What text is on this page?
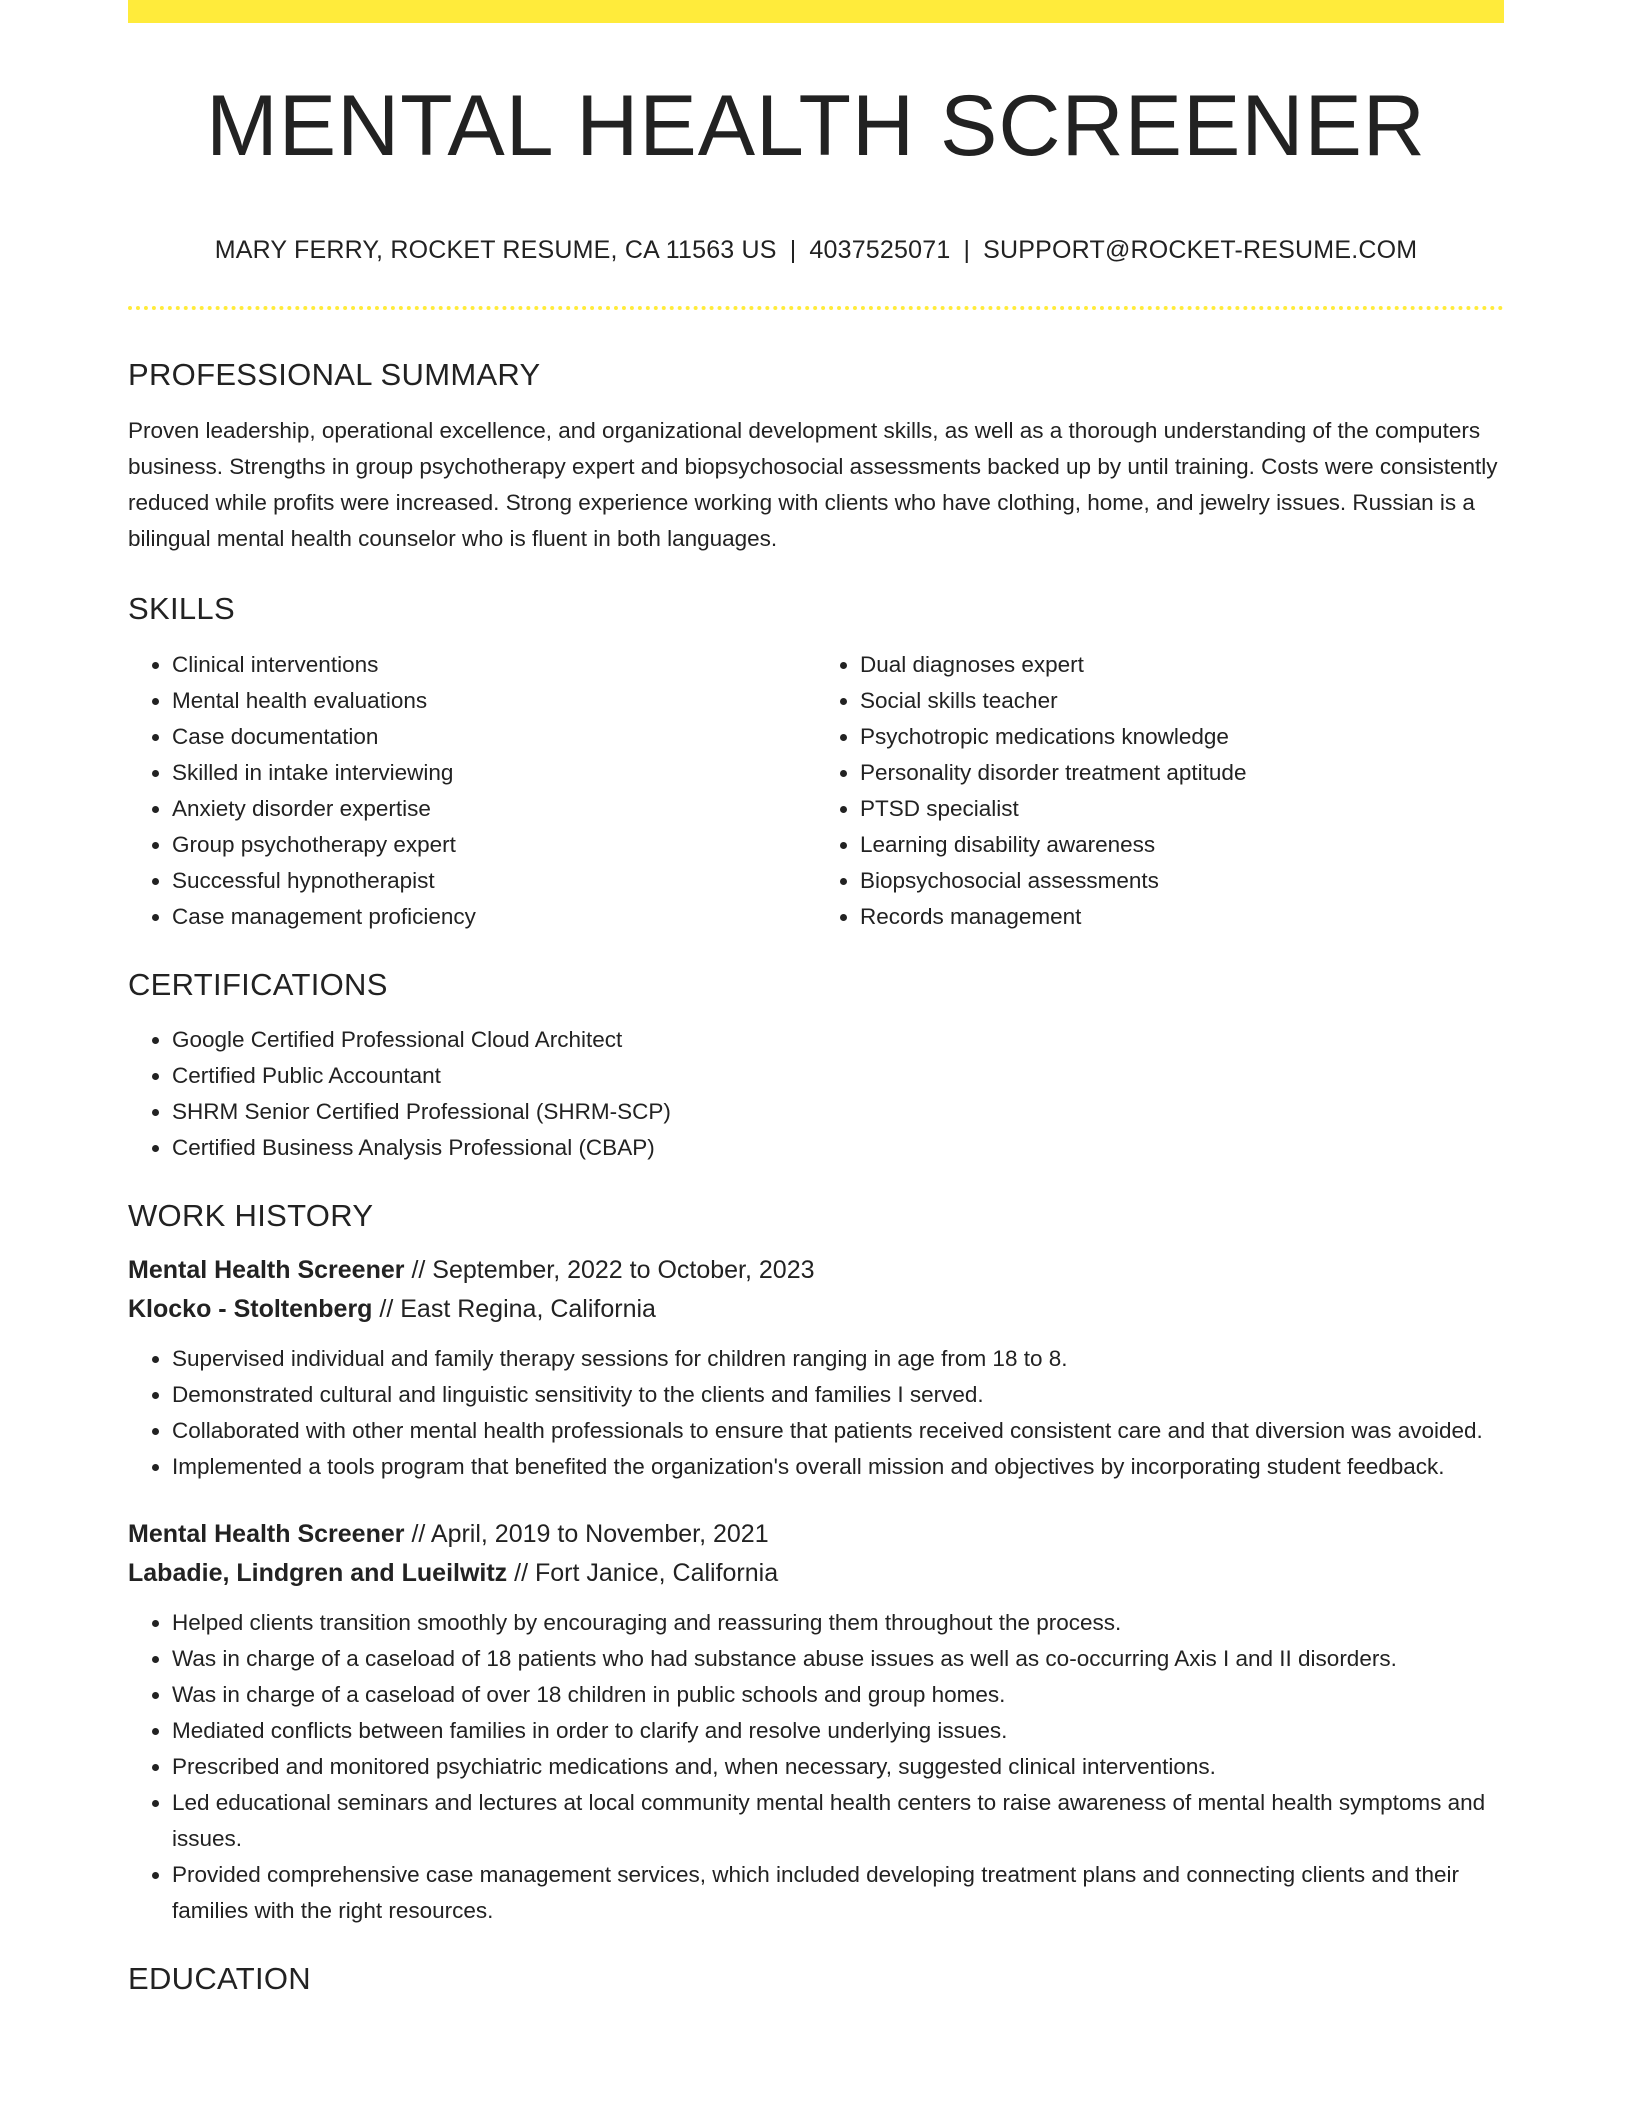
MENTAL HEALTH SCREENER
MARY FERRY, ROCKET RESUME, CA 11563 US | 4037525071 | SUPPORT@ROCKET-RESUME.COM
PROFESSIONAL SUMMARY

Proven leadership, operational excellence, and organizational development skills, as well as a thorough understanding of the computers business. Strengths in group psychotherapy expert and biopsychosocial assessments backed up by until training. Costs were consistently reduced while profits were increased. Strong experience working with clients who have clothing, home, and jewelry issues. Russian is a bilingual mental health counselor who is fluent in both languages.

SKILLS
• Clinical interventions
• Mental health evaluations
• Case documentation
• Skilled in intake interviewing
• Anxiety disorder expertise
• Group psychotherapy expert
• Successful hypnotherapist
• Case management proficiency
• Dual diagnoses expert
• Social skills teacher
• Psychotropic medications knowledge
• Personality disorder treatment aptitude
• PTSD specialist
• Learning disability awareness
• Biopsychosocial assessments
• Records management
CERTIFICATIONS
• Google Certified Professional Cloud Architect
• Certified Public Accountant
• SHRM Senior Certified Professional (SHRM-SCP)
• Certified Business Analysis Professional (CBAP)
WORK HISTORY
Mental Health Screener // September, 2022 to October, 2023
Klocko - Stoltenberg // East Regina, California
• Supervised individual and family therapy sessions for children ranging in age from 18 to 8.
• Demonstrated cultural and linguistic sensitivity to the clients and families I served.
• Collaborated with other mental health professionals to ensure that patients received consistent care and that diversion was avoided.
• Implemented a tools program that benefited the organization's overall mission and objectives by incorporating student feedback.
Mental Health Screener // April, 2019 to November, 2021
Labadie, Lindgren and Lueilwitz // Fort Janice, California
• Helped clients transition smoothly by encouraging and reassuring them throughout the process.
• Was in charge of a caseload of 18 patients who had substance abuse issues as well as co-occurring Axis I and II disorders.
• Was in charge of a caseload of over 18 children in public schools and group homes.
• Mediated conflicts between families in order to clarify and resolve underlying issues.
• Prescribed and monitored psychiatric medications and, when necessary, suggested clinical interventions.
• Led educational seminars and lectures at local community mental health centers to raise awareness of mental health symptoms and issues.
• Provided comprehensive case management services, which included developing treatment plans and connecting clients and their families with the right resources.
EDUCATION
